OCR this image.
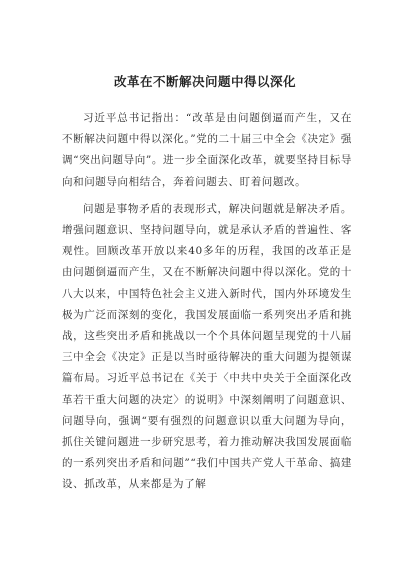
改革在不断解决问题中得以深化

习近平总书记指出：“改革是由问题倒逼而产生，又在不断解决问题中得以深化。”党的二十届三中全会《决定》强调“突出问题导向”。进一步全面深化改革，就要坚持目标导向和问题导向相结合，奔着问题去、盯着问题改。

问题是事物矛盾的表现形式，解决问题就是解决矛盾。增强问题意识、坚持问题导向，就是承认矛盾的普遍性、客观性。回顾改革开放以来40多年的历程，我国的改革正是由问题倒逼而产生，又在不断解决问题中得以深化。党的十八大以来，中国特色社会主义进入新时代，国内外环境发生极为广泛而深刻的变化，我国发展面临一系列突出矛盾和挑战，这些突出矛盾和挑战以一个个具体问题呈现党的十八届三中全会《决定》正是以当时亟待解决的重大问题为提领谋篇布局。习近平总书记在《关于〈中共中央关于全面深化改革若干重大问题的决定〉的说明》中深刻阐明了问题意识、问题导向，强调“要有强烈的问题意识以重大问题为导向，抓住关键问题进一步研究思考，着力推动解决我国发展面临的一系列突出矛盾和问题”“我们中国共产党人干革命、搞建设、抓改革，从来都是为了解
